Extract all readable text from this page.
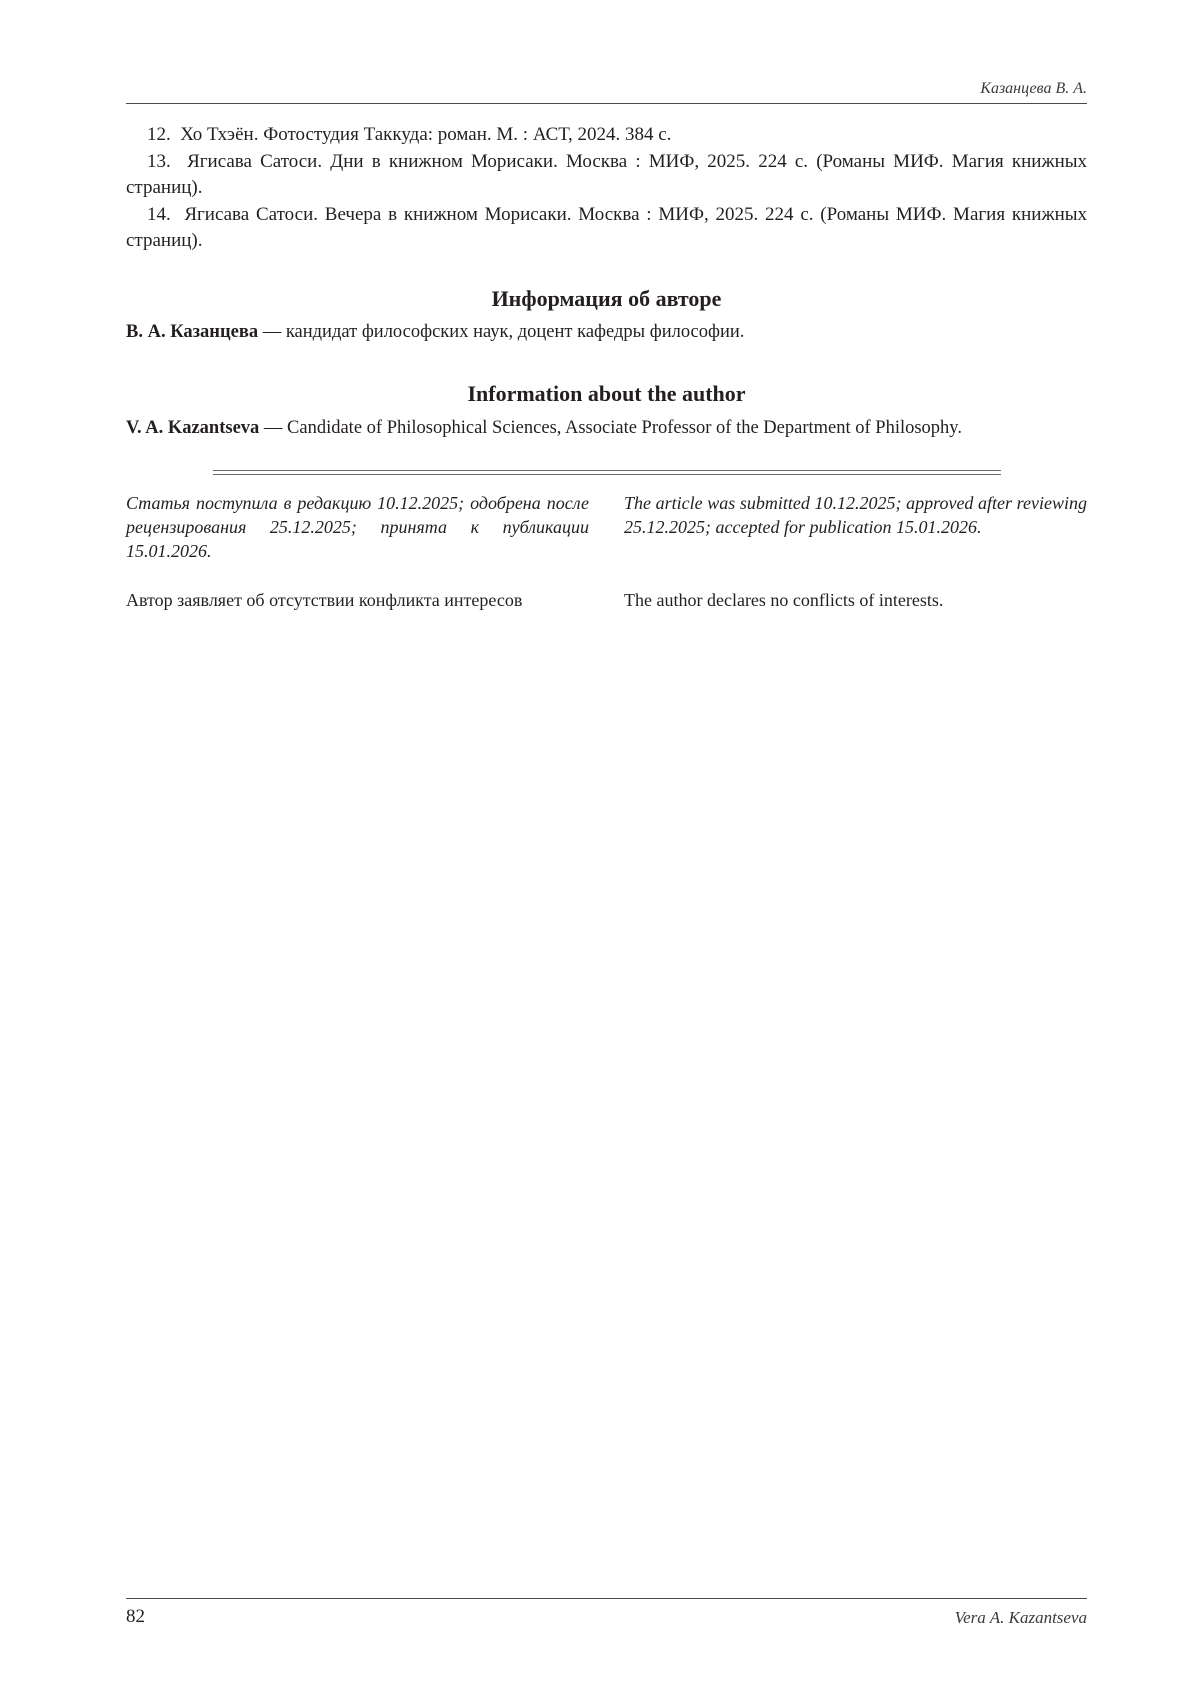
Казанцева В. А.

12. Хо Тхэён. Фотостудия Таккуда: роман. М. : АСТ, 2024. 384 с.

13. Ягисава Сатоси. Дни в книжном Морисаки. Москва : МИФ, 2025. 224 с. (Романы МИФ. Магия книжных страниц).

14. Ягисава Сатоси. Вечера в книжном Морисаки. Москва : МИФ, 2025. 224 с. (Романы МИФ. Магия книжных страниц).

Информация об авторе
В. А. Казанцева — кандидат философских наук, доцент кафедры философии.
Information about the author
V. A. Kazantseva — Candidate of Philosophical Sciences, Associate Professor of the Department of Philosophy.

Статья поступила в редакцию 10.12.2025; одобрена после рецензирования 25.12.2025; принята к публикации 15.01.2026.

Автор заявляет об отсутствии конфликта интересов

The article was submitted 10.12.2025; approved after reviewing 25.12.2025; accepted for publication 15.01.2026.

The author declares no conflicts of interests.

82	Vera A. Kazantseva
